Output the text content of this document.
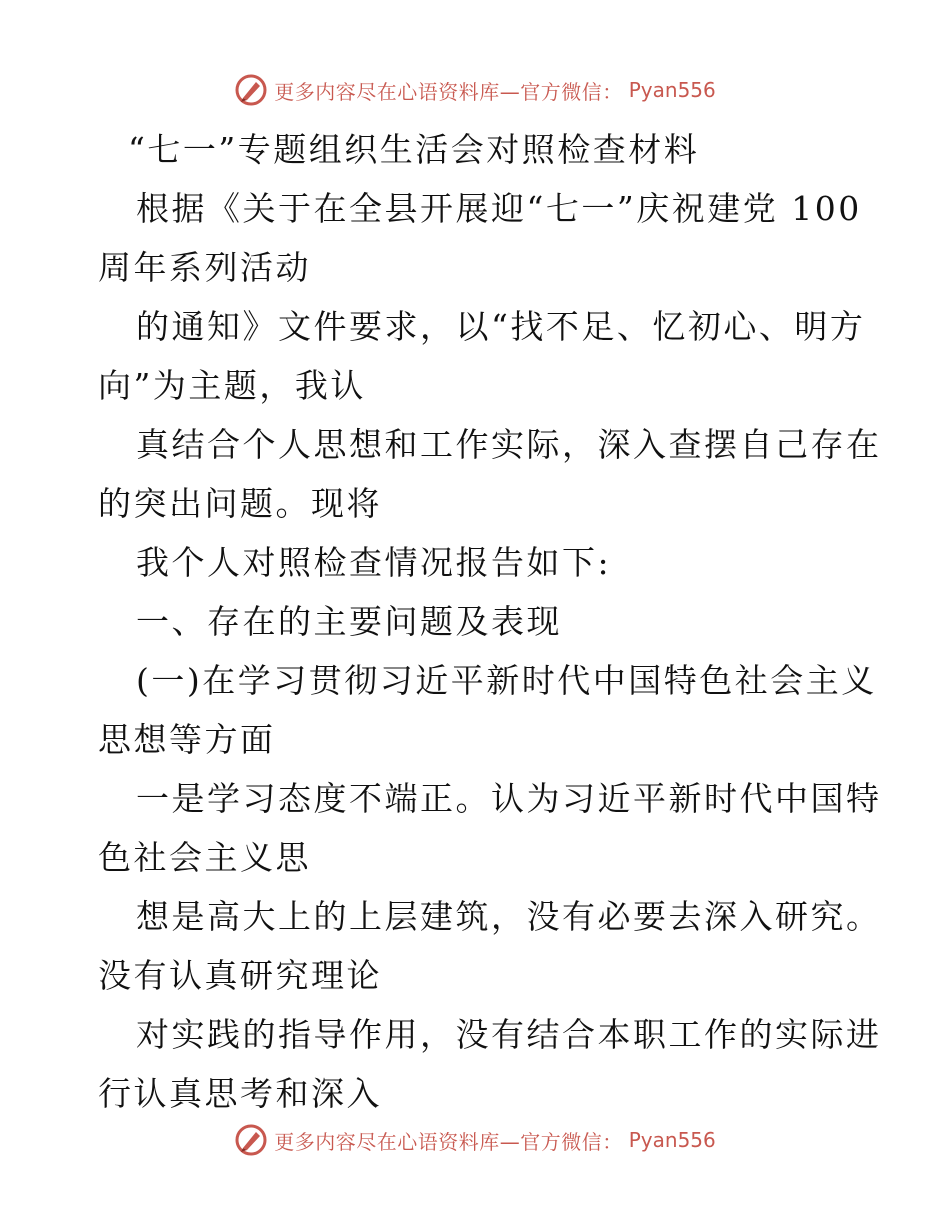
更多内容尽在心语资料库—官方微信： Pyan556
“七一”专题组织生活会对照检查材料
根据《关于在全县开展迎“七一”庆祝建党 100
周年系列活动
的通知》文件要求，以“找不足、忆初心、明方
向”为主题，我认
真结合个人思想和工作实际，深入查摆自己存在
的突出问题。现将
我个人对照检查情况报告如下:
一、存在的主要问题及表现
(一)在学习贯彻习近平新时代中国特色社会主义
思想等方面
一是学习态度不端正。认为习近平新时代中国特
色社会主义思
想是高大上的上层建筑，没有必要去深入研究。
没有认真研究理论
对实践的指导作用，没有结合本职工作的实际进
行认真思考和深入
更多内容尽在心语资料库—官方微信： Pyan556
